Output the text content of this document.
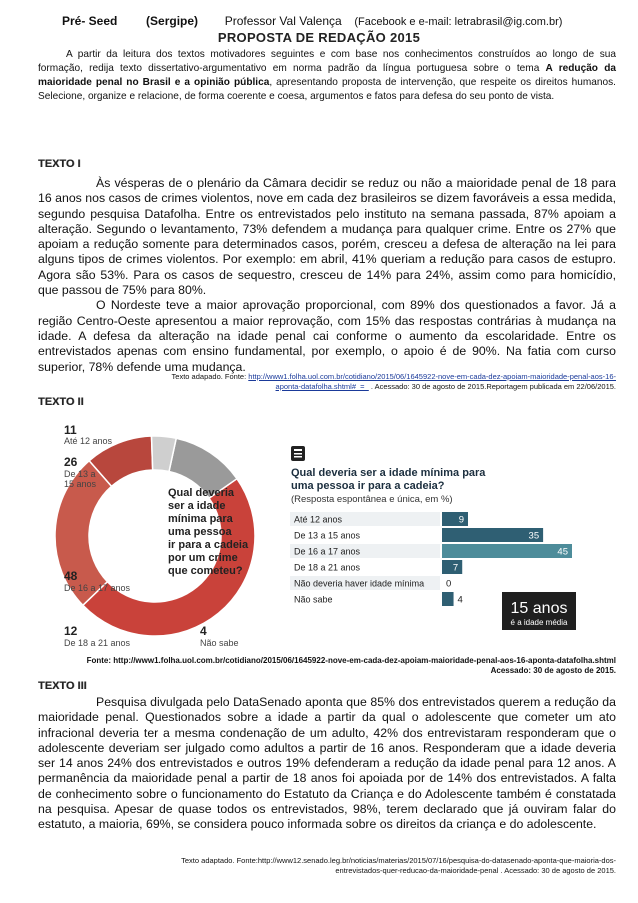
Pré- Seed (Sergipe) Professor Val Valença (Facebook e e-mail: letrabrasil@ig.com.br)
PROPOSTA DE REDAÇÃO 2015
A partir da leitura dos textos motivadores seguintes e com base nos conhecimentos construídos ao longo de sua formação, redija texto dissertativo-argumentativo em norma padrão da língua portuguesa sobre o tema A redução da maioridade penal no Brasil e a opinião pública, apresentando proposta de intervenção, que respeite os direitos humanos. Selecione, organize e relacione, de forma coerente e coesa, argumentos e fatos para defesa do seu ponto de vista.
TEXTO I

Às vésperas de o plenário da Câmara decidir se reduz ou não a maioridade penal de 18 para 16 anos nos casos de crimes violentos, nove em cada dez brasileiros se dizem favoráveis a essa medida, segundo pesquisa Datafolha. Entre os entrevistados pelo instituto na semana passada, 87% apoiam a alteração. Segundo o levantamento, 73% defendem a mudança para qualquer crime. Entre os 27% que apoiam a redução somente para determinados casos, porém, cresceu a defesa de alteração na lei para alguns tipos de crimes violentos. Por exemplo: em abril, 41% queriam a redução para casos de estupro. Agora são 53%. Para os casos de sequestro, cresceu de 14% para 24%, assim como para homicídio, que passou de 75% para 80%.

O Nordeste teve a maior aprovação proporcional, com 89% dos questionados a favor. Já a região Centro-Oeste apresentou a maior reprovação, com 15% das respostas contrárias à mudança na idade. A defesa da alteração na idade penal cai conforme o aumento da escolaridade. Entre os entrevistados apenas com ensino fundamental, por exemplo, o apoio é de 90%. Na fatia com curso superior, 78% defende uma mudança.

Texto adapado. Fonte: http://www1.folha.uol.com.br/cotidiano/2015/06/1645922-nove-em-cada-dez-apoiam-maioridade-penal-aos-16-aponta-datafolha.shtml#_=_ . Acessado: 30 de agosto de 2015.Reportagem publicada em 22/06/2015.
TEXTO II
Qual deveria
ser a idade
mínima para
uma pessoa
ir para a cadeia
por um crime
que cometeu?
11
Até 12 anos
26
De 13 a
15 anos
48
De 16 a 17 anos
12
De 18 a 21 anos
4
Não sabe
Qual deveria ser a idade mínima para
uma pessoa ir para a cadeia?
(Resposta espontânea e única, em %)
Até 12 anos	9
De 13 a 15 anos	35
De 16 a 17 anos	45
De 18 a 21 anos	7
Não deveria haver idade mínima 0
Não sabe	4	15 anos
é a idade média
Fonte: http://www1.folha.uol.com.br/cotidiano/2015/06/1645922-nove-em-cada-dez-apoiam-maioridade-penal-aos-16-aponta-datafolha.shtml
Acessado: 30 de agosto de 2015.
TEXTO III

Pesquisa divulgada pelo DataSenado aponta que 85% dos entrevistados querem a redução da maioridade penal. Questionados sobre a idade a partir da qual o adolescente que cometer um ato infracional deveria ter a mesma condenação de um adulto, 42% dos entrevistaram responderam que o adolescente deveriam ser julgado como adultos a partir de 16 anos. Responderam que a idade deveria ser 14 anos 24% dos entrevistados e outros 19% defenderam a redução da idade penal para 12 anos. A permanência da maioridade penal a partir de 18 anos foi apoiada por de 14% dos entrevistados. A falta de conhecimento sobre o funcionamento do Estatuto da Criança e do Adolescente também é constatada na pesquisa. Apesar de quase todos os entrevistados, 98%, terem declarado que já ouviram falar do estatuto, a maioria, 69%, se considera pouco informada sobre os direitos da criança e do adolescente.

Texto adaptado. Fonte:http://www12.senado.leg.br/noticias/materias/2015/07/16/pesquisa-do-datasenado-aponta-que-maioria-dos-
entrevistados-quer-reducao-da-maioridade-penal . Acessado: 30 de agosto de 2015.
